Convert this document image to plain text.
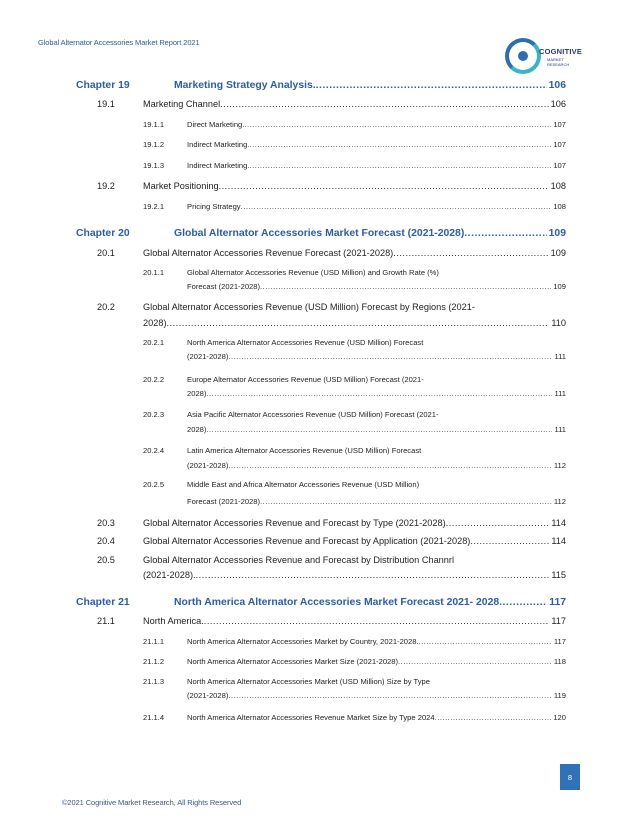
Global Alternator Accessories Market Report 2021
COGNITIVE
MARKET
RESEARCH
Chapter 19	Marketing Strategy Analysis. .....	106
19.1	Marketing Channel .....	106
19.1.1	Direct Marketing. .....	107
19.1.2	Indirect Marketing. .....	107
19.1.3	Indirect Marketing. .....	107
19.2	Market Positioning .....	108
19.2.1	Pricing Strategy .....	108
Chapter 20	Global Alternator Accessories Market Forecast (2021-2028) .....	109
20.1	Global Alternator Accessories Revenue Forecast (2021-2028) .....	109
20.1.1	Global Alternator Accessories Revenue (USD Million) and Growth Rate (%)
Forecast (2021-2028) .....	109
20.2	Global Alternator Accessories Revenue (USD Million) Forecast by Regions (2021-
2028) .....	110
20.2.1	North America Alternator Accessories Revenue (USD Million) Forecast
(2021-2028) .....	111
20.2.2	Europe Alternator Accessories Revenue (USD Million) Forecast (2021-
2028) .....	111
20.2.3	Asia Pacific Alternator Accessories Revenue (USD Million) Forecast (2021-
2028) .....	111
20.2.4	Latin America Alternator Accessories Revenue (USD Million) Forecast
(2021-2028) .....	112
20.2.5	Middle East and Africa Alternator Accessories Revenue (USD Million)
Forecast (2021-2028) .....	112
20.3	Global Alternator Accessories Revenue and Forecast by Type (2021-2028) .....	114
20.4	Global Alternator Accessories Revenue and Forecast by Application (2021-2028) .....	114
20.5	Global Alternator Accessories Revenue and Forecast by Distribution Channrl
(2021-2028). .....	115
Chapter 21	North America Alternator Accessories Market Forecast 2021- 2028 .....	117
21.1	North America. .....	117
21.1.1	North America Alternator Accessories Market by Country, 2021-2028. .....	117
21.1.2	North America Alternator Accessories Market Size (2021-2028) .....	118
21.1.3	North America Alternator Accessories Market (USD Million) Size by Type
(2021-2028) .....	119
21.1.4	North America Alternator Accessories Revenue Market Size by Type 2024 .....	120
8
©2021 Cognitive Market Research, All Rights Reserved
